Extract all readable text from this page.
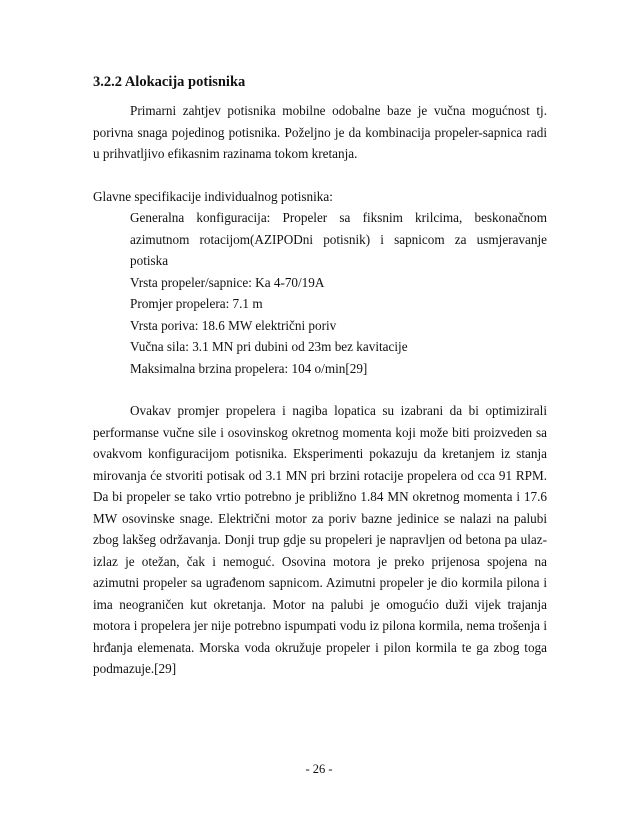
3.2.2 Alokacija potisnika

Primarni zahtjev potisnika mobilne odobalne baze je vučna mogućnost tj. porivna snaga pojedinog potisnika. Poželjno je da kombinacija propeler-sapnica radi u prihvatljivo efikasnim razinama tokom kretanja.

Glavne specifikacije individualnog potisnika:

Generalna konfiguracija: Propeler sa fiksnim krilcima, beskonačnom azimutnom rotacijom(AZIPODni potisnik) i sapnicom za usmjeravanje potiska
Vrsta propeler/sapnice: Ka 4-70/19A
Promjer propelera: 7.1 m
Vrsta poriva: 18.6 MW električni poriv
Vučna sila: 3.1 MN pri dubini od 23m bez kavitacije
Maksimalna brzina propelera: 104 o/min[29]

Ovakav promjer propelera i nagiba lopatica su izabrani da bi optimizirali performanse vučne sile i osovinskog okretnog momenta koji može biti proizveden sa ovakvom konfiguracijom potisnika. Eksperimenti pokazuju da kretanjem iz stanja mirovanja će stvoriti potisak od 3.1 MN pri brzini rotacije propelera od cca 91 RPM. Da bi propeler se tako vrtio potrebno je približno 1.84 MN okretnog momenta i 17.6 MW osovinske snage. Električni motor za poriv bazne jedinice se nalazi na palubi zbog lakšeg održavanja. Donji trup gdje su propeleri je napravljen od betona pa ulaz-izlaz je otežan, čak i nemoguć. Osovina motora je preko prijenosa spojena na azimutni propeler sa ugrađenom sapnicom. Azimutni propeler je dio kormila pilona i ima neograničen kut okretanja. Motor na palubi je omogućio duži vijek trajanja motora i propelera jer nije potrebno ispumpati vodu iz pilona kormila, nema trošenja i hrđanja elemenata. Morska voda okružuje propeler i pilon kormila te ga zbog toga podmazuje.[29]

- 26 -
